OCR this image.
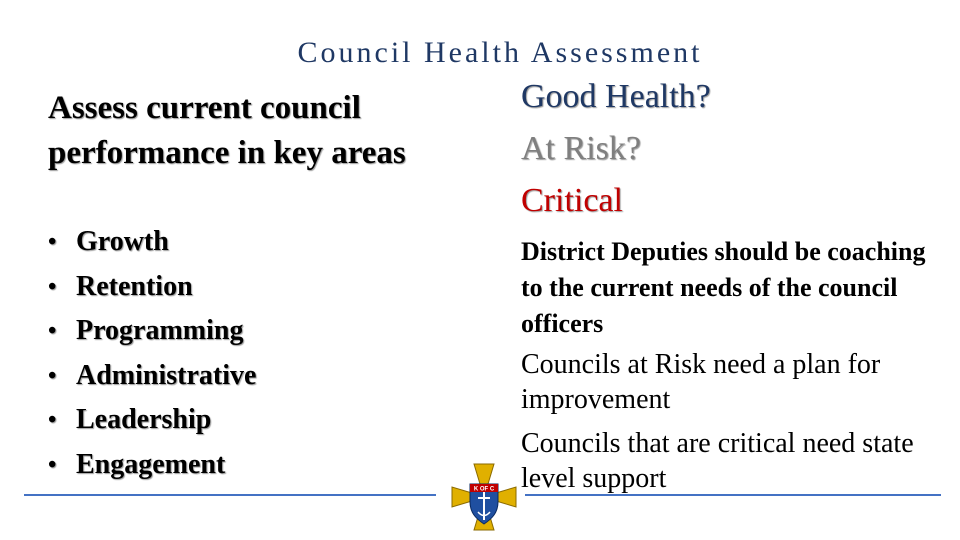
Council Health Assessment
Assess current council performance in key areas
• Growth
• Retention
• Programming
• Administrative
• Leadership
• Engagement
Good Health?
At Risk?
Critical
District Deputies should be coaching to the current needs of the council officers
Councils at Risk need a plan for improvement
Councils that are critical need state level support
K OF C
